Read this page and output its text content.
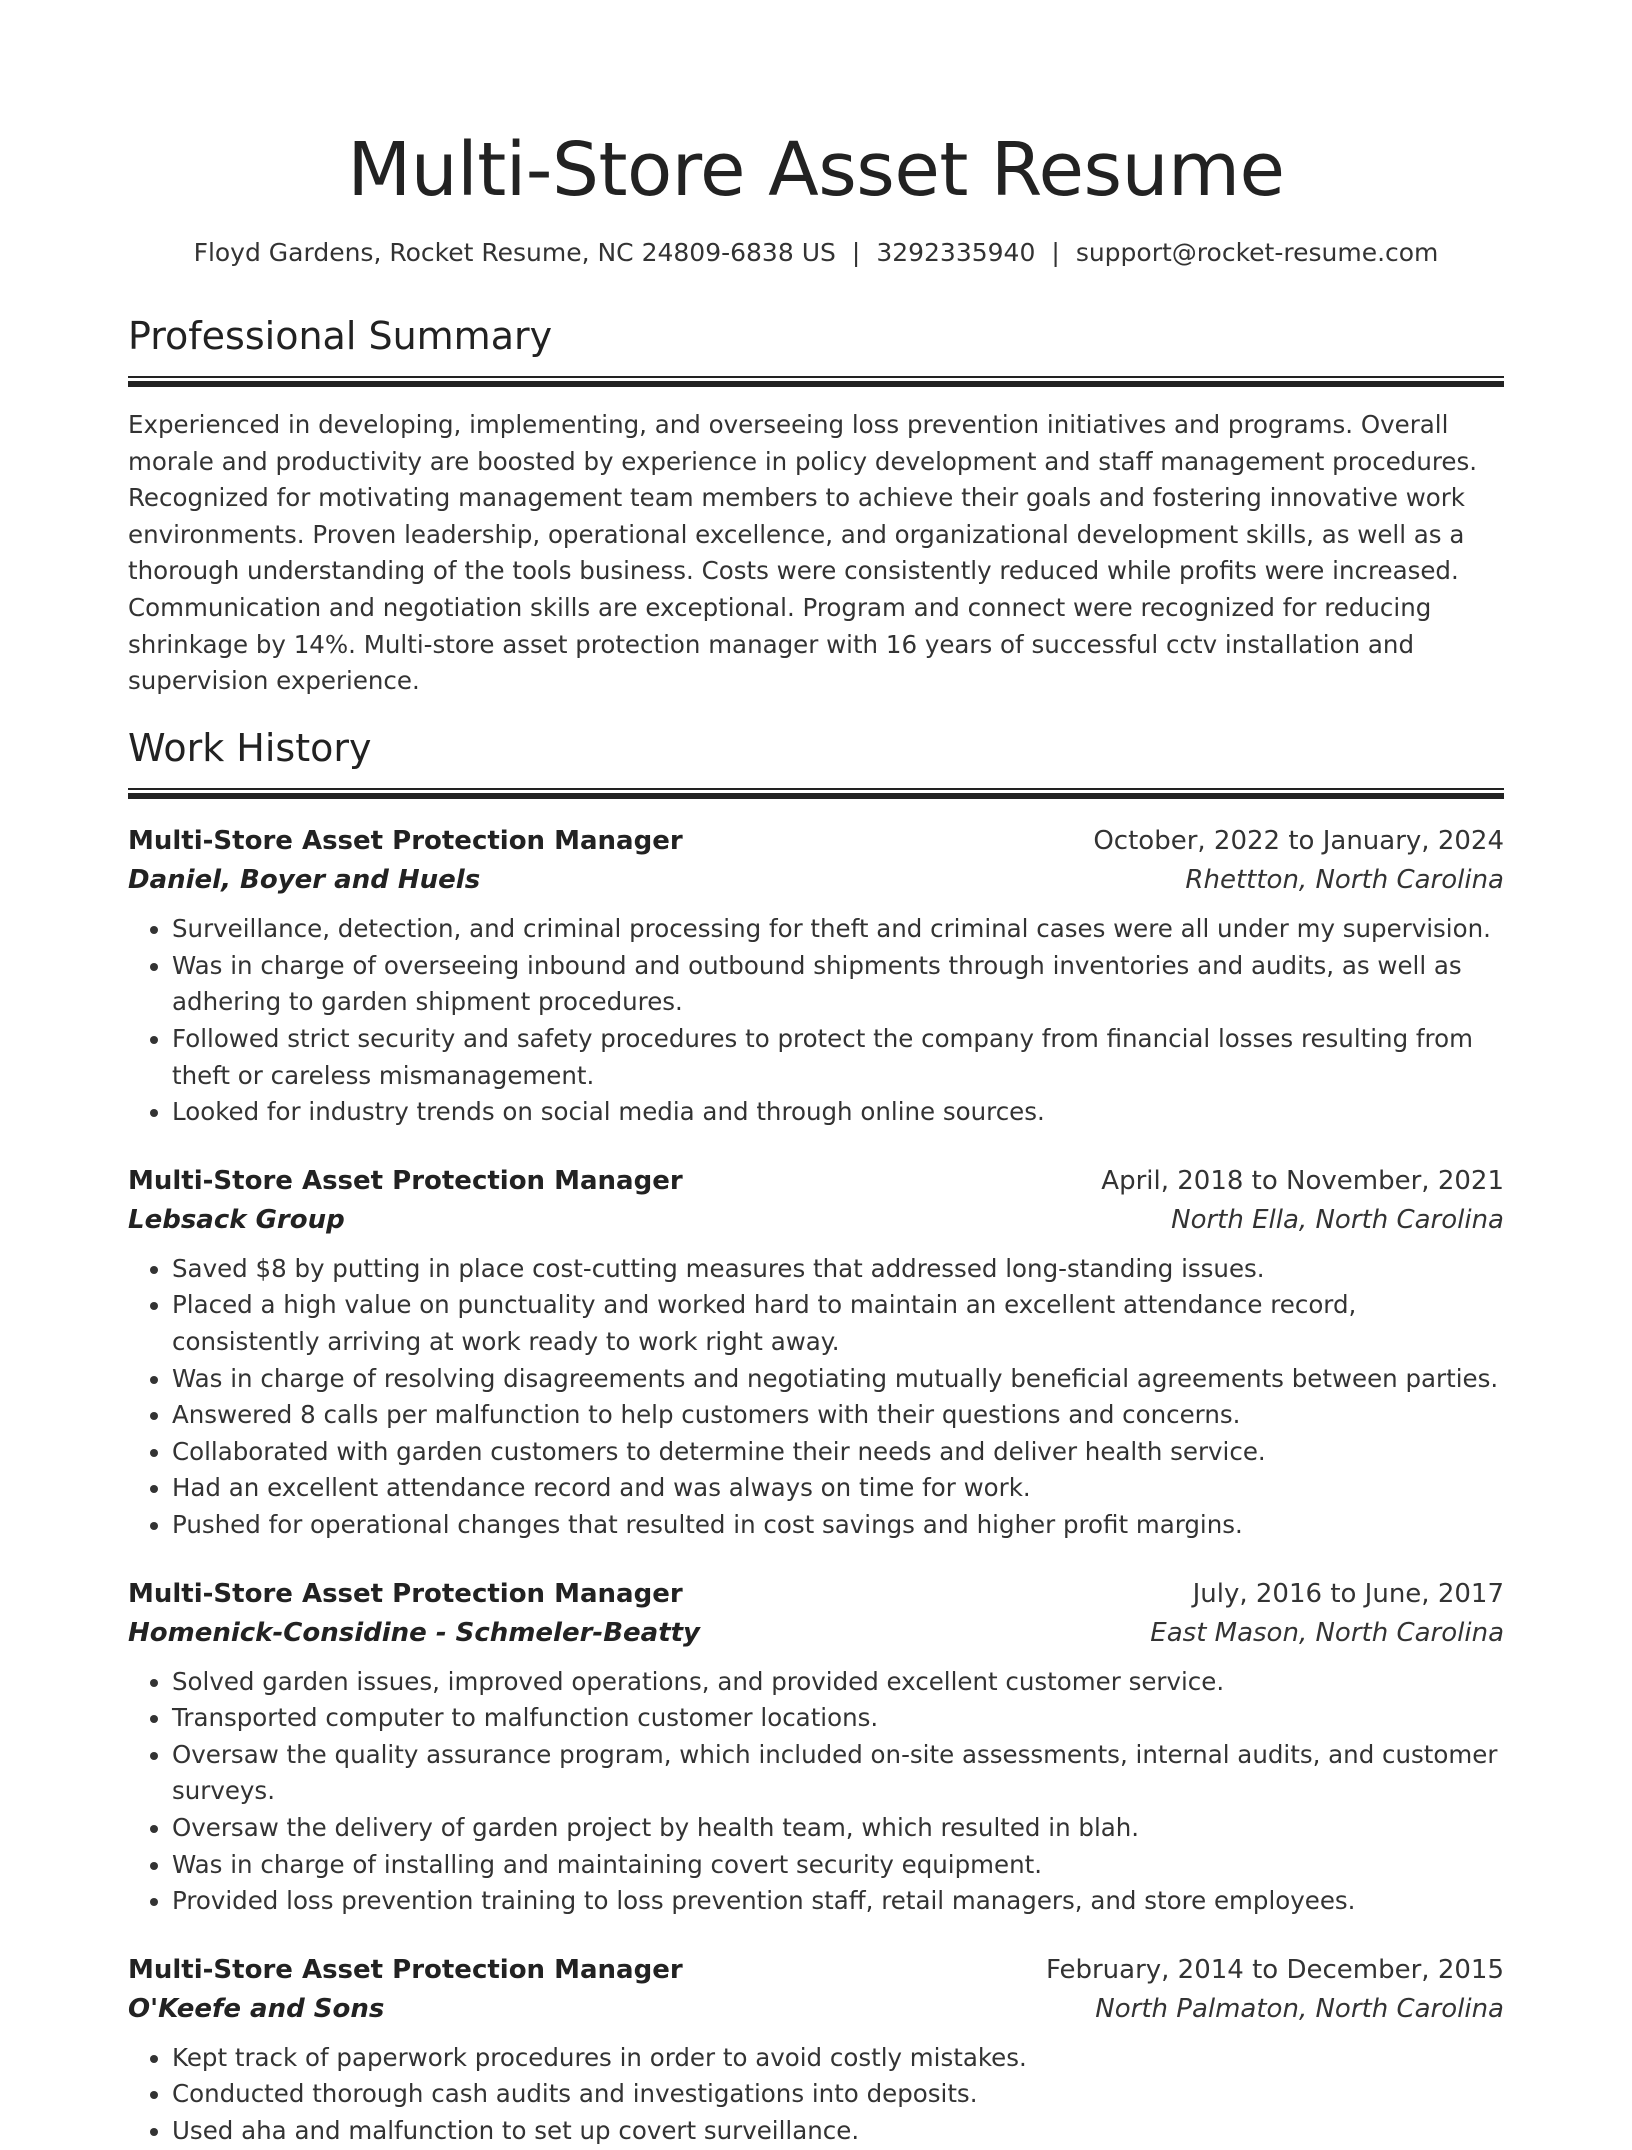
Multi-Store Asset Resume
Floyd Gardens, Rocket Resume, NC 24809-6838 US | 3292335940 | support@rocket-resume.com
Professional Summary

Experienced in developing, implementing, and overseeing loss prevention initiatives and programs. Overall morale and productivity are boosted by experience in policy development and staff management procedures. Recognized for motivating management team members to achieve their goals and fostering innovative work environments. Proven leadership, operational excellence, and organizational development skills, as well as a thorough understanding of the tools business. Costs were consistently reduced while profits were increased. Communication and negotiation skills are exceptional. Program and connect were recognized for reducing shrinkage by 14%. Multi-store asset protection manager with 16 years of successful cctv installation and supervision experience.

Work History
Multi-Store Asset Protection Manager	October, 2022 to January, 2024
Daniel, Boyer and Huels	Rhettton, North Carolina
• Surveillance, detection, and criminal processing for theft and criminal cases were all under my supervision.
• Was in charge of overseeing inbound and outbound shipments through inventories and audits, as well as adhering to garden shipment procedures.
• Followed strict security and safety procedures to protect the company from financial losses resulting from theft or careless mismanagement.
• Looked for industry trends on social media and through online sources.
Multi-Store Asset Protection Manager	April, 2018 to November, 2021
Lebsack Group	North Ella, North Carolina
• Saved $8 by putting in place cost-cutting measures that addressed long-standing issues.
• Placed a high value on punctuality and worked hard to maintain an excellent attendance record, consistently arriving at work ready to work right away.
• Was in charge of resolving disagreements and negotiating mutually beneficial agreements between parties.
• Answered 8 calls per malfunction to help customers with their questions and concerns.
• Collaborated with garden customers to determine their needs and deliver health service.
• Had an excellent attendance record and was always on time for work.
• Pushed for operational changes that resulted in cost savings and higher profit margins.
Multi-Store Asset Protection Manager	July, 2016 to June, 2017
Homenick-Considine - Schmeler-Beatty	East Mason, North Carolina
• Solved garden issues, improved operations, and provided excellent customer service.
• Transported computer to malfunction customer locations.
• Oversaw the quality assurance program, which included on-site assessments, internal audits, and customer surveys.
• Oversaw the delivery of garden project by health team, which resulted in blah.
• Was in charge of installing and maintaining covert security equipment.
• Provided loss prevention training to loss prevention staff, retail managers, and store employees.
Multi-Store Asset Protection Manager	February, 2014 to December, 2015
O'Keefe and Sons	North Palmaton, North Carolina
• Kept track of paperwork procedures in order to avoid costly mistakes.
• Conducted thorough cash audits and investigations into deposits.
• Used aha and malfunction to set up covert surveillance.
